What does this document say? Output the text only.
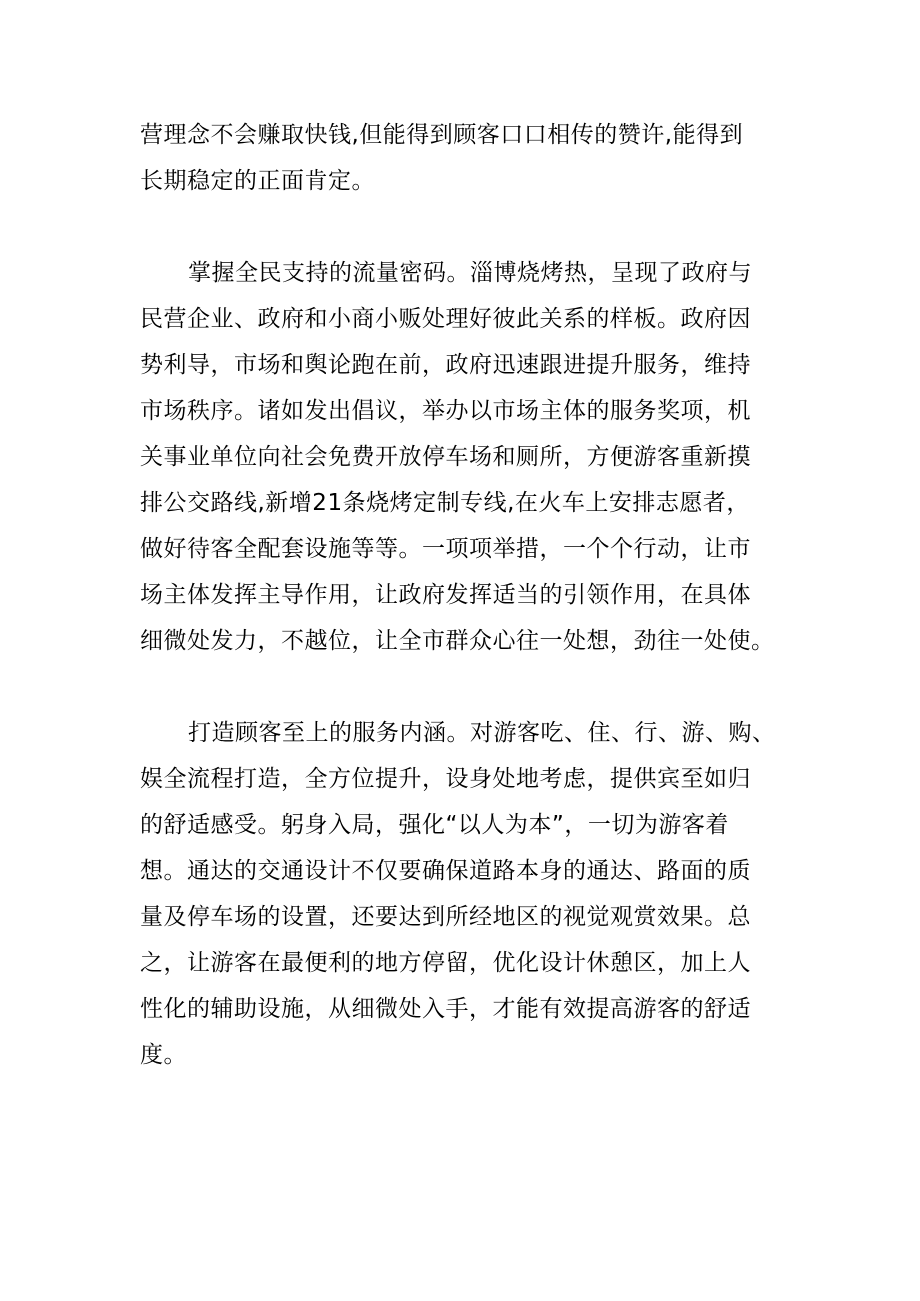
营理念不会赚取快钱,但能得到顾客口口相传的赞许,能得到
长期稳定的正面肯定。
掌握全民支持的流量密码。淄博烧烤热，呈现了政府与
民营企业、政府和小商小贩处理好彼此关系的样板。政府因
势利导，市场和舆论跑在前，政府迅速跟进提升服务，维持
市场秩序。诸如发出倡议，举办以市场主体的服务奖项，机
关事业单位向社会免费开放停车场和厕所，方便游客重新摸
排公交路线,新增21条烧烤定制专线,在火车上安排志愿者，
做好待客全配套设施等等。一项项举措，一个个行动，让市
场主体发挥主导作用，让政府发挥适当的引领作用，在具体
细微处发力，不越位，让全市群众心往一处想，劲往一处使。
打造顾客至上的服务内涵。对游客吃、住、行、游、购、
娱全流程打造，全方位提升，设身处地考虑，提供宾至如归
的舒适感受。躬身入局，强化“以人为本”，一切为游客着
想。通达的交通设计不仅要确保道路本身的通达、路面的质
量及停车场的设置，还要达到所经地区的视觉观赏效果。总
之，让游客在最便利的地方停留，优化设计休憩区，加上人
性化的辅助设施，从细微处入手，才能有效提高游客的舒适
度。
